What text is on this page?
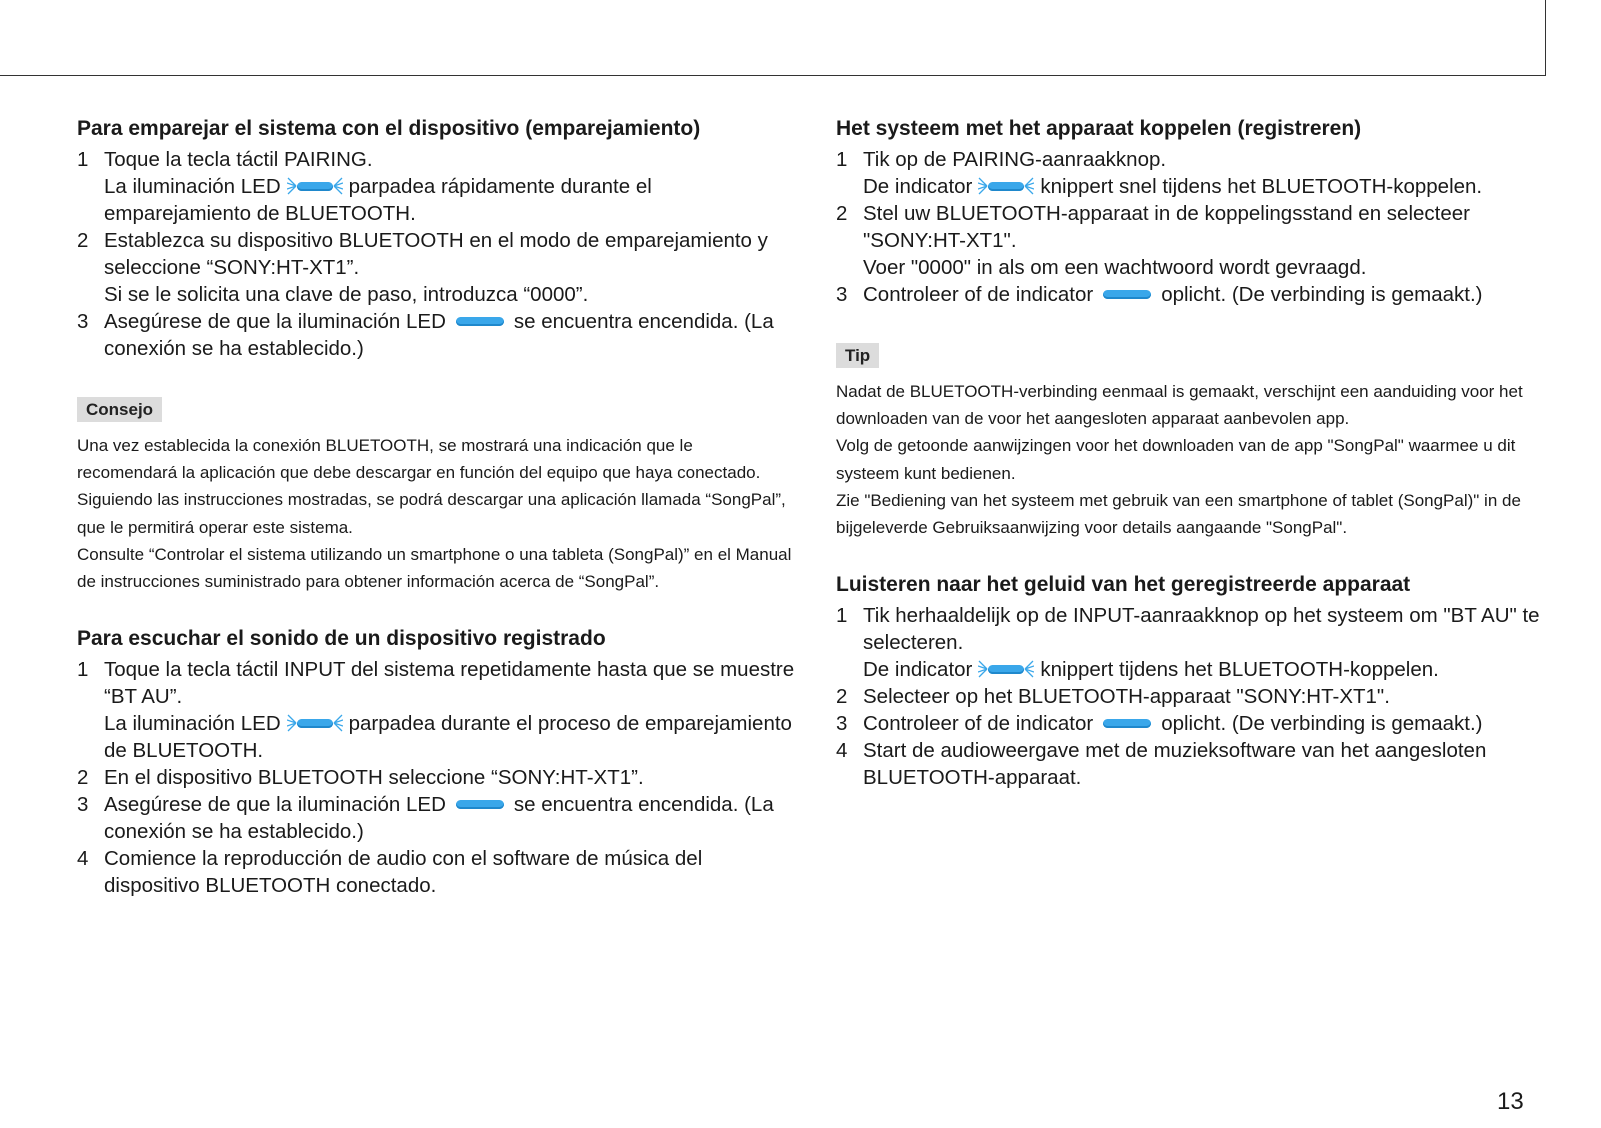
Para emparejar el sistema con el dispositivo (emparejamiento)
1 Toque la tecla táctil PAIRING.
La iluminación LED	parpadea rápidamente durante el emparejamiento de BLUETOOTH.
2 Establezca su dispositivo BLUETOOTH en el modo de emparejamiento y seleccione “SONY:HT-XT1”.
Si se le solicita una clave de paso, introduzca “0000”.
3 Asegúrese de que la iluminación LED	se encuentra encendida. (La conexión se ha establecido.)
Consejo

Una vez establecida la conexión BLUETOOTH, se mostrará una indicación que le recomendará la aplicación que debe descargar en función del equipo que haya conectado.

Siguiendo las instrucciones mostradas, se podrá descargar una aplicación llamada “SongPal”, que le permitirá operar este sistema.

Consulte “Controlar el sistema utilizando un smartphone o una tableta (SongPal)” en el Manual de instrucciones suministrado para obtener información acerca de “SongPal”.

Para escuchar el sonido de un dispositivo registrado
1 Toque la tecla táctil INPUT del sistema repetidamente hasta que se muestre “BT AU”.
La iluminación LED	parpadea durante el proceso de emparejamiento de BLUETOOTH.
2 En el dispositivo BLUETOOTH seleccione “SONY:HT-XT1”.
3 Asegúrese de que la iluminación LED	se encuentra encendida. (La conexión se ha establecido.)
4 Comience la reproducción de audio con el software de música del dispositivo BLUETOOTH conectado.
Het systeem met het apparaat koppelen (registreren)
1 Tik op de PAIRING-aanraakknop.
De indicator	knippert snel tijdens het BLUETOOTH-koppelen.
2 Stel uw BLUETOOTH-apparaat in de koppelingsstand en selecteer "SONY:HT-XT1".
Voer "0000" in als om een wachtwoord wordt gevraagd.
3 Controleer of de indicator	oplicht. (De verbinding is gemaakt.)
Tip

Nadat de BLUETOOTH-verbinding eenmaal is gemaakt, verschijnt een aanduiding voor het downloaden van de voor het aangesloten apparaat aanbevolen app.

Volg de getoonde aanwijzingen voor het downloaden van de app "SongPal" waarmee u dit systeem kunt bedienen.

Zie "Bediening van het systeem met gebruik van een smartphone of tablet (SongPal)" in de bijgeleverde Gebruiksaanwijzing voor details aangaande "SongPal".

Luisteren naar het geluid van het geregistreerde apparaat
1 Tik herhaaldelijk op de INPUT-aanraakknop op het systeem om "BT AU" te selecteren.
De indicator	knippert tijdens het BLUETOOTH-koppelen.
2 Selecteer op het BLUETOOTH-apparaat "SONY:HT-XT1".
3 Controleer of de indicator	oplicht. (De verbinding is gemaakt.)
4 Start de audioweergave met de muzieksoftware van het aangesloten BLUETOOTH-apparaat.
13
